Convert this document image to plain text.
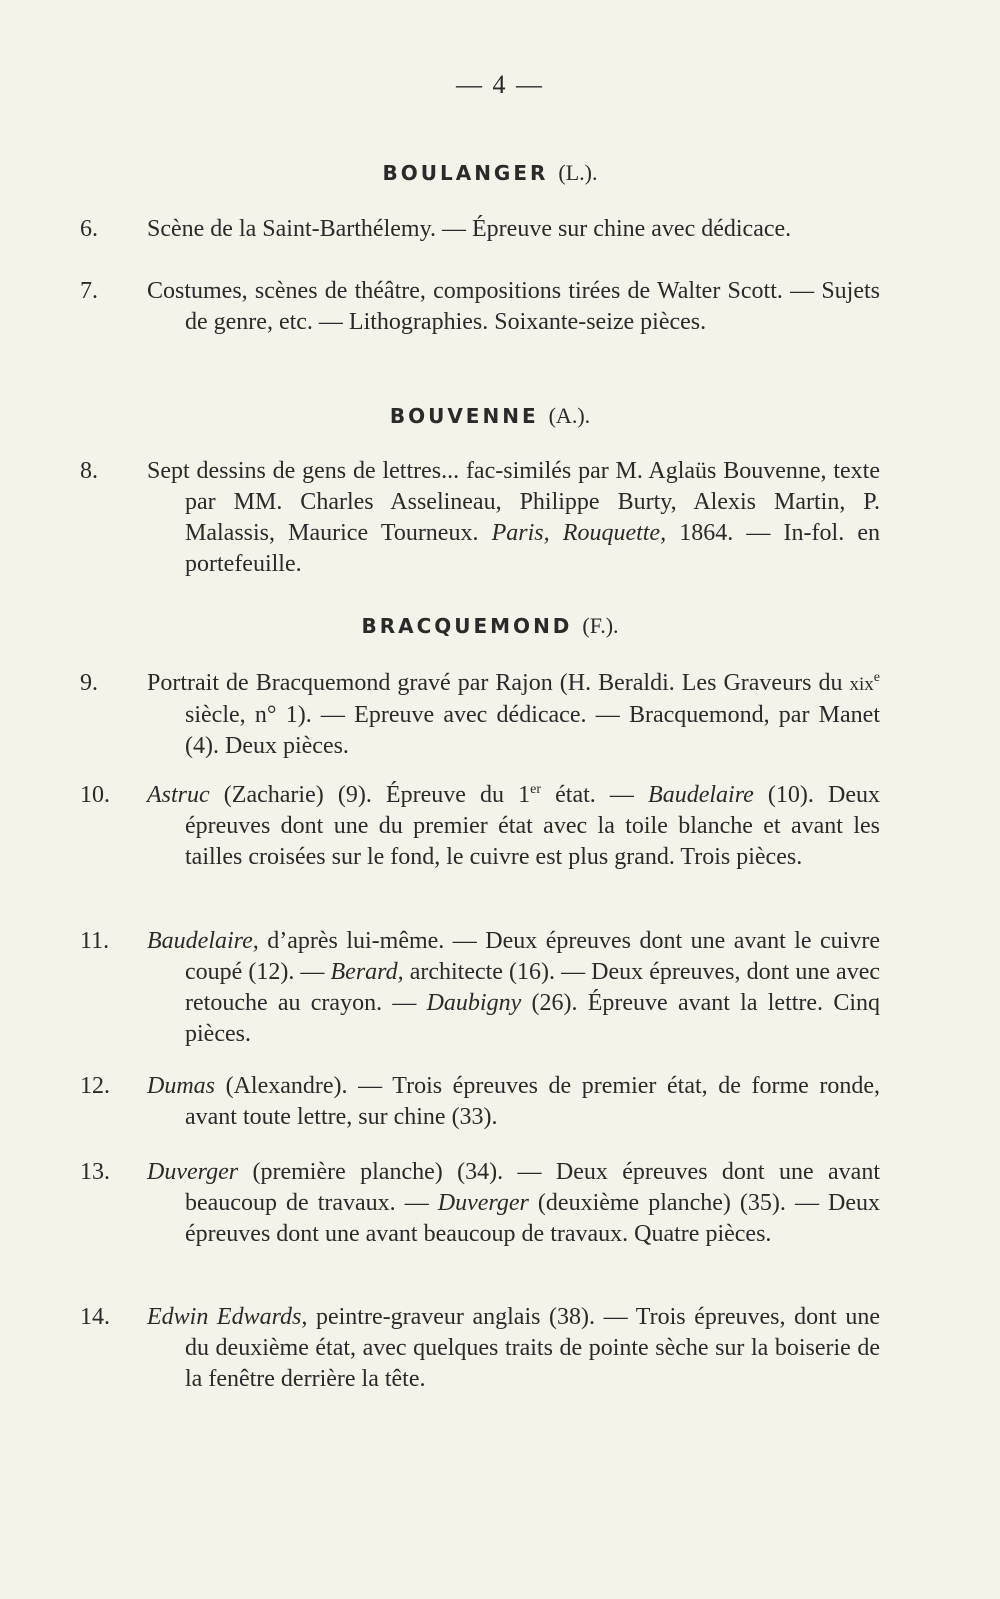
— 4 —
BOULANGER (L.).
6.	Scène de la Saint-Barthélemy. — Épreuve sur chine avec dédicace.
7.	Costumes, scènes de théâtre, compositions tirées de Walter Scott. — Sujets de genre, etc. — Lithographies. Soixante-seize pièces.
BOUVENNE (A.).
8.	Sept dessins de gens de lettres... fac-similés par M. Aglaüs Bouvenne, texte par MM. Charles Asselineau, Philippe Burty, Alexis Martin, P. Malassis, Maurice Tourneux. Paris, Rouquette, 1864. — In-fol. en portefeuille.
BRACQUEMOND (F.).
9.	Portrait de Bracquemond gravé par Rajon (H. Beraldi. Les Graveurs du xix$^e$ siècle, n° 1). — Epreuve avec dédicace. — Bracquemond, par Manet (4). Deux pièces.
10.	Astruc (Zacharie) (9). Épreuve du 1er état. — Baudelaire (10). Deux épreuves dont une du premier état avec la toile blanche et avant les tailles croisées sur le fond, le cuivre est plus grand. Trois pièces.
11.	Baudelaire, d’après lui-même. — Deux épreuves dont une avant le cuivre coupé (12). — Berard, architecte (16). — Deux épreuves, dont une avec retouche au crayon. — Daubigny (26). Épreuve avant la lettre. Cinq pièces.
12.	Dumas (Alexandre). — Trois épreuves de premier état, de forme ronde, avant toute lettre, sur chine (33).
13.	Duverger (première planche) (34). — Deux épreuves dont une avant beaucoup de travaux. — Duverger (deuxième planche) (35). — Deux épreuves dont une avant beaucoup de travaux. Quatre pièces.
14.	Edwin Edwards, peintre-graveur anglais (38). — Trois épreuves, dont une du deuxième état, avec quelques traits de pointe sèche sur la boiserie de la fenêtre derrière la tête.
